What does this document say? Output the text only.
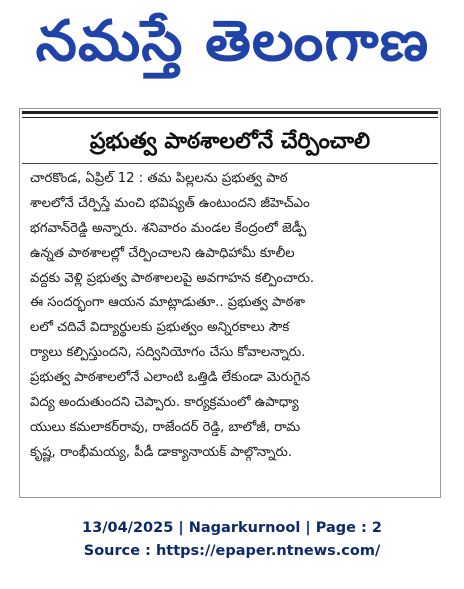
నమస్తే తెలంగాణ
ప్రభుత్వ పాఠశాలలోనే చేర్పించాలి
చారకొండ, ఏప్రిల్ 12 : తమ పిల్లలను ప్రభుత్వ పాఠ
శాలలోనే చేర్పిస్తే మంచి భవిష్యత్ ఉంటుందని జీహెచ్ఎం
భగవాన్‌రెడ్డి అన్నారు. శనివారం మండల కేంద్రంలో జెడ్పీ
ఉన్నత పాఠశాలల్లో చేర్పించాలని ఉపాధిహామీ కూలీల
వద్దకు వెళ్లి ప్రభుత్వ పాఠశాలలపై అవగాహన కల్పించారు.
ఈ సందర్భంగా ఆయన మాట్లాడుతూ.. ప్రభుత్వ పాఠశా
లలో చదివే విద్యార్థులకు ప్రభుత్వం అన్నిరకాలు సౌక
ర్యాలు కల్పిస్తుందని, సద్వినియోగం చేసు కోవాలన్నారు.
ప్రభుత్వ పాఠశాలలోనే ఎలాంటి ఒత్తిడి లేకుండా మెరుగైన
విద్య అందుతుందని చెప్పారు. కార్యక్రమంలో ఉపాధ్యా
యులు కమలాకర్‌రావు, రాజేందర్ రెడ్డి, బాలోజీ, రామ
కృష్ణ, రాంభీమయ్య, పీడీ డాక్యానాయక్ పాల్గొన్నారు.
13/04/2025 | Nagarkurnool | Page : 2
Source : https://epaper.ntnews.com/
